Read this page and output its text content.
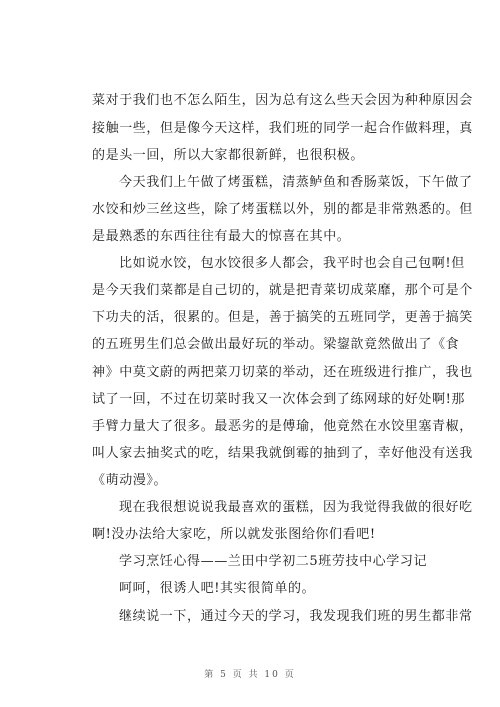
菜对于我们也不怎么陌生，因为总有这么些天会因为种种原因会
接触一些，但是像今天这样，我们班的同学一起合作做料理，真
的是头一回，所以大家都很新鲜，也很积极。
今天我们上午做了烤蛋糕，清蒸鲈鱼和香肠菜饭，下午做了
水饺和炒三丝这些，除了烤蛋糕以外，别的都是非常熟悉的。但
是最熟悉的东西往往有最大的惊喜在其中。
比如说水饺，包水饺很多人都会，我平时也会自己包啊!但
是今天我们菜都是自己切的，就是把青菜切成菜靡，那个可是个
下功夫的活，很累的。但是，善于搞笑的五班同学，更善于搞笑
的五班男生们总会做出最好玩的举动。梁鋆歆竟然做出了《食
神》中莫文蔚的两把菜刀切菜的举动，还在班级进行推广，我也
试了一回，不过在切菜时我又一次体会到了练网球的好处啊!那
手臂力量大了很多。最恶劣的是傅瑜，他竟然在水饺里塞青椒，
叫人家去抽奖式的吃，结果我就倒霉的抽到了，幸好他没有送我
《萌动漫》。
现在我很想说说我最喜欢的蛋糕，因为我觉得我做的很好吃
啊!没办法给大家吃，所以就发张图给你们看吧!
学习烹饪心得——兰田中学初二5班劳技中心学习记
呵呵，很诱人吧!其实很简单的。
继续说一下，通过今天的学习，我发现我们班的男生都非常
第 5 页 共 10 页
